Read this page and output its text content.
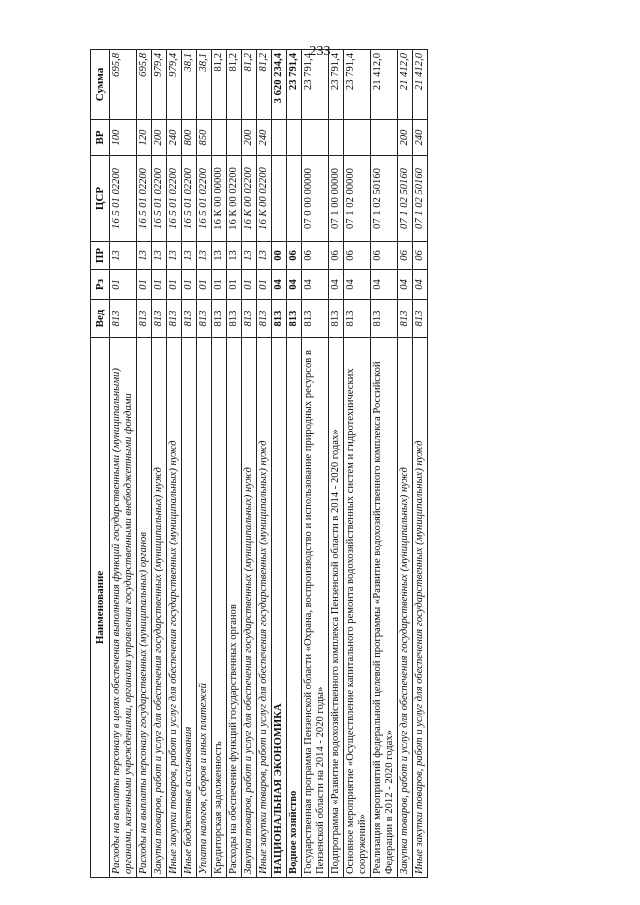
233
Наименование	Вед	Рз	ПР	ЦСР	ВР	Сумма
Расходы на выплаты персоналу в целях обеспечения выполнения функций государственными (муниципальными) органами, казенными учреждениями, органами управления государственными внебюджетными фондами	813	01	13	16 5 01 02200	100	695,8
Расходы на выплаты персоналу государственных (муниципальных) органов	813	01	13	16 5 01 02200	120	695,8
Закупка товаров, работ и услуг для обеспечения государственных (муниципальных) нужд	813	01	13	16 5 01 02200	200	979,4
Иные закупки товаров, работ и услуг для обеспечения государственных (муниципальных) нужд	813	01	13	16 5 01 02200	240	979,4
Иные бюджетные ассигнования	813	01	13	16 5 01 02200	800	38,1
Уплата налогов, сборов и иных платежей	813	01	13	16 5 01 02200	850	38,1
Кредиторская задолженность	813	01	13	16 К 00 00000		81,2
Расходы на обеспечение функций государственных органов	813	01	13	16 К 00 02200		81,2
Закупка товаров, работ и услуг для обеспечения государственных (муниципальных) нужд	813	01	13	16 К 00 02200	200	81,2
Иные закупки товаров, работ и услуг для обеспечения государственных (муниципальных) нужд	813	01	13	16 К 00 02200	240	81,2
НАЦИОНАЛЬНАЯ ЭКОНОМИКА	813	04	00			3 620 234,4
Водное хозяйство	813	04	06			23 791,4
Государственная программа Пензенской области «Охрана, воспроизводство и использование природных ресурсов в Пензенской области на 2014 - 2020 годы»	813	04	06	07 0 00 00000		23 791,4
Подпрограмма «Развитие водохозяйственного комплекса Пензенской области в 2014 - 2020 годах»	813	04	06	07 1 00 00000		23 791,4
Основное мероприятие «Осуществление капитального ремонта водохозяйственных систем и гидротехнических сооружений»	813	04	06	07 1 02 00000		23 791,4
Реализация мероприятий федеральной целевой программы «Развитие водохозяйственного комплекса Российской Федерации в 2012 - 2020 годах»	813	04	06	07 1 02 50160		21 412,0
Закупка товаров, работ и услуг для обеспечения государственных (муниципальных) нужд	813	04	06	07 1 02 50160	200	21 412,0
Иные закупки товаров, работ и услуг для обеспечения государственных (муниципальных) нужд	813	04	06	07 1 02 50160	240	21 412,0
